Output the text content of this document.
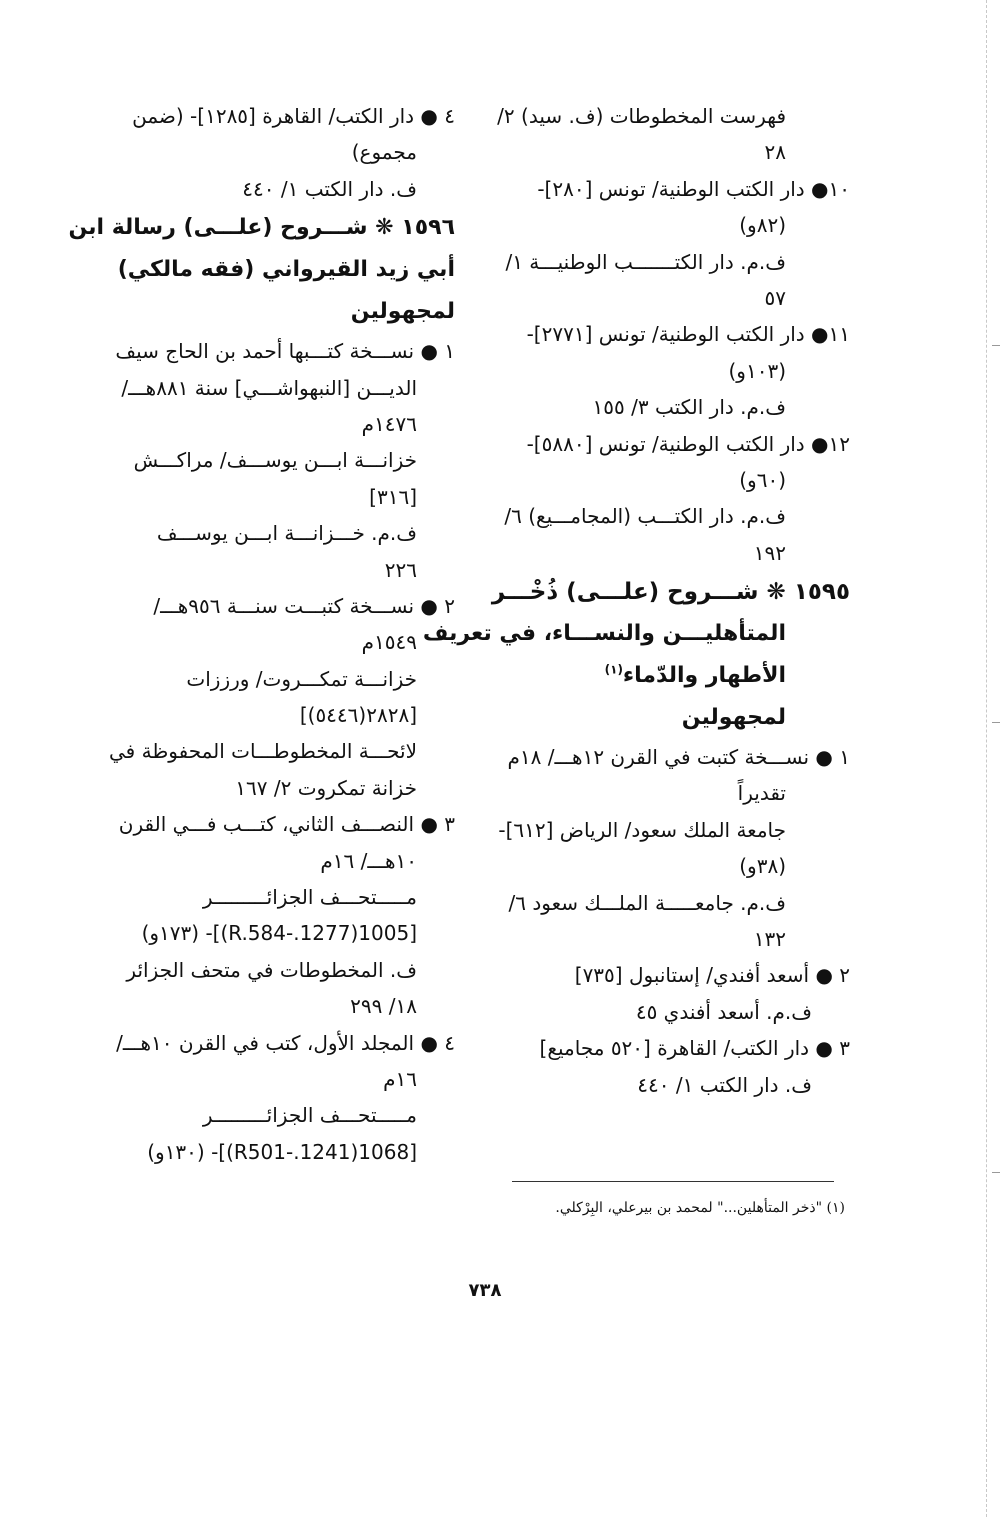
فهرست المخطوطات (ف. سيد) ٢/
٢٨
١٠● دار الكتب الوطنية/ تونس [٢٨٠]-
(٨٢و)
ف.م. دار الكتـــــــب الوطنيـــة ١/
٥٧
١١● دار الكتب الوطنية/ تونس [٢٧٧١]-
(١٠٣و)
ف.م. دار الكتب ٣/ ١٥٥
١٢● دار الكتب الوطنية/ تونس [٥٨٨٠]-
(٦٠و)
ف.م. دار الكتـــب (المجامـــيع) ٦/
١٩٢
١٥٩٥ ❋ شـــروح (علـــى) ذُخْـــر
المتأهليـــن والنســـاء، في تعريف
الأطهار والدّماء$^{(١)}$
لمجهولين
١ ● نســـخة كتبت في القرن ١٢هـــ/ ١٨م
تقديراً
جامعة الملك سعود/ الرياض [٦١٢]-
(٣٨و)
ف.م. جامعـــــة الملـــك سعود ٦/
١٣٢
٢ ● أسعد أفندي/ إستانبول [٧٣٥]
ف.م. أسعد أفندي ٤٥
٣ ● دار الكتب/ القاهرة [٥٢٠ مجاميع]
ف. دار الكتب ١/ ٤٤٠
٤ ● دار الكتب/ القاهرة [١٢٨٥]- (ضمن
مجموع)
ف. دار الكتب ١/ ٤٤٠
١٥٩٦ ❋ شـــروح (علـــى) رسالة ابن
أبي زيد القيرواني (فقه مالكي)
لمجهولين
١ ● نســـخة كتـــبها أحمد بن الحاج سيف
الديـــن [النبهواشـــي] سنة ٨٨١هـــ/
١٤٧٦م
خزانـــة ابـــن يوســـف/ مراكـــش
[٣١٦]
ف.م. خـــزانـــة ابـــن يوســـف
٢٢٦
٢ ● نســـخة كتبـــت سنـــة ٩٥٦هـــ/
١٥٤٩م
خزانـــة تمكـــروت/ ورززات
[٢٨٢٨(٥٤٤٦)]
لائحـــة المخطوطـــات المحفوظة في
خزانة تمكروت ٢/ ١٦٧
٣ ● النصـــف الثاني، كتـــب فـــي القرن
١٠هـــ/ ١٦م
مـــــتحـــف الجزائـــــــــر
[1005(1277.-R.584)]- (١٧٣و)
ف. المخطوطات في متحف الجزائر
١٨/ ٢٩٩
٤ ● المجلد الأول، كتب في القرن ١٠هـــ/
١٦م
مـــــتحـــف الجزائـــــــــر
[1068(1241.-R501)]- (١٣٠و)
(١) "ذخر المتأهلين..." لمحمد بن بيرعلي، البِرْكلي.
٧٣٨
